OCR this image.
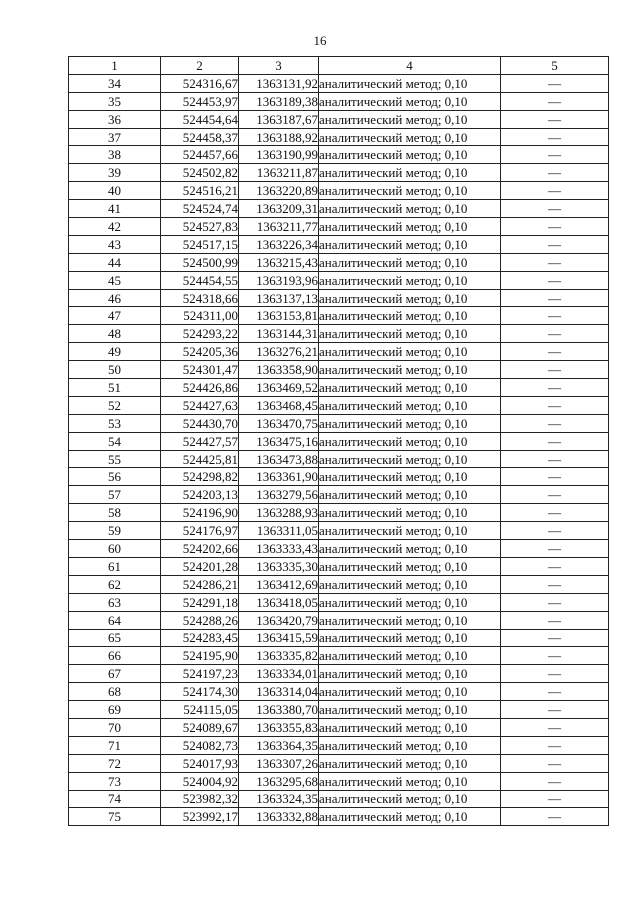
16
1	2	3	4	5
34	524316,67	1363131,92	аналитический метод; 0,10	—
35	524453,97	1363189,38	аналитический метод; 0,10	—
36	524454,64	1363187,67	аналитический метод; 0,10	—
37	524458,37	1363188,92	аналитический метод; 0,10	—
38	524457,66	1363190,99	аналитический метод; 0,10	—
39	524502,82	1363211,87	аналитический метод; 0,10	—
40	524516,21	1363220,89	аналитический метод; 0,10	—
41	524524,74	1363209,31	аналитический метод; 0,10	—
42	524527,83	1363211,77	аналитический метод; 0,10	—
43	524517,15	1363226,34	аналитический метод; 0,10	—
44	524500,99	1363215,43	аналитический метод; 0,10	—
45	524454,55	1363193,96	аналитический метод; 0,10	—
46	524318,66	1363137,13	аналитический метод; 0,10	—
47	524311,00	1363153,81	аналитический метод; 0,10	—
48	524293,22	1363144,31	аналитический метод; 0,10	—
49	524205,36	1363276,21	аналитический метод; 0,10	—
50	524301,47	1363358,90	аналитический метод; 0,10	—
51	524426,86	1363469,52	аналитический метод; 0,10	—
52	524427,63	1363468,45	аналитический метод; 0,10	—
53	524430,70	1363470,75	аналитический метод; 0,10	—
54	524427,57	1363475,16	аналитический метод; 0,10	—
55	524425,81	1363473,88	аналитический метод; 0,10	—
56	524298,82	1363361,90	аналитический метод; 0,10	—
57	524203,13	1363279,56	аналитический метод; 0,10	—
58	524196,90	1363288,93	аналитический метод; 0,10	—
59	524176,97	1363311,05	аналитический метод; 0,10	—
60	524202,66	1363333,43	аналитический метод; 0,10	—
61	524201,28	1363335,30	аналитический метод; 0,10	—
62	524286,21	1363412,69	аналитический метод; 0,10	—
63	524291,18	1363418,05	аналитический метод; 0,10	—
64	524288,26	1363420,79	аналитический метод; 0,10	—
65	524283,45	1363415,59	аналитический метод; 0,10	—
66	524195,90	1363335,82	аналитический метод; 0,10	—
67	524197,23	1363334,01	аналитический метод; 0,10	—
68	524174,30	1363314,04	аналитический метод; 0,10	—
69	524115,05	1363380,70	аналитический метод; 0,10	—
70	524089,67	1363355,83	аналитический метод; 0,10	—
71	524082,73	1363364,35	аналитический метод; 0,10	—
72	524017,93	1363307,26	аналитический метод; 0,10	—
73	524004,92	1363295,68	аналитический метод; 0,10	—
74	523982,32	1363324,35	аналитический метод; 0,10	—
75	523992,17	1363332,88	аналитический метод; 0,10	—
